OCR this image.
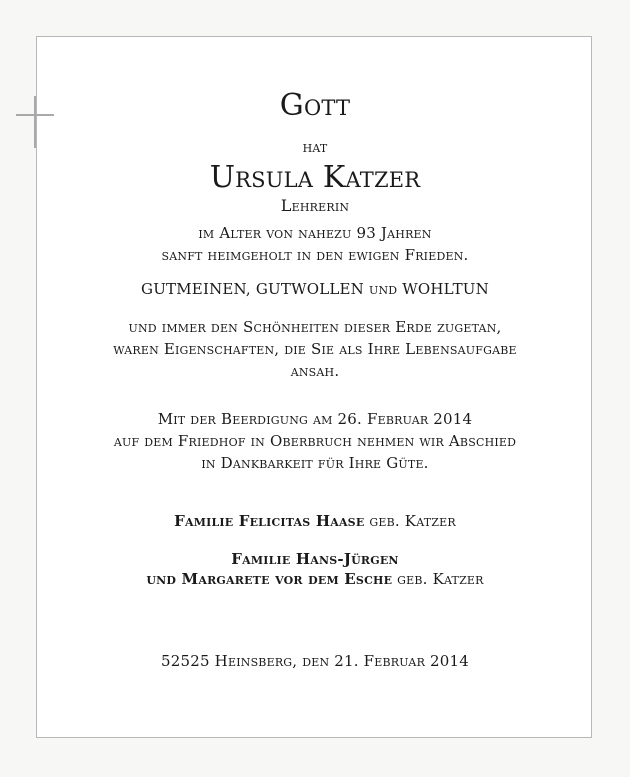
Gott
hat
Ursula Katzer
Lehrerin
im Alter von nahezu 93 Jahren
sanft heimgeholt in den ewigen Frieden.
GUTMEINEN, GUTWOLLEN und WOHLTUN
und immer den Schönheiten dieser Erde zugetan,
waren Eigenschaften, die Sie als Ihre Lebensaufgabe
ansah.
Mit der Beerdigung am 26. Februar 2014
auf dem Friedhof in Oberbruch nehmen wir Abschied
in Dankbarkeit für Ihre Güte.
Familie Felicitas Haase geb. Katzer
Familie Hans-Jürgen
und Margarete vor dem Esche geb. Katzer
52525 Heinsberg, den 21. Februar 2014
